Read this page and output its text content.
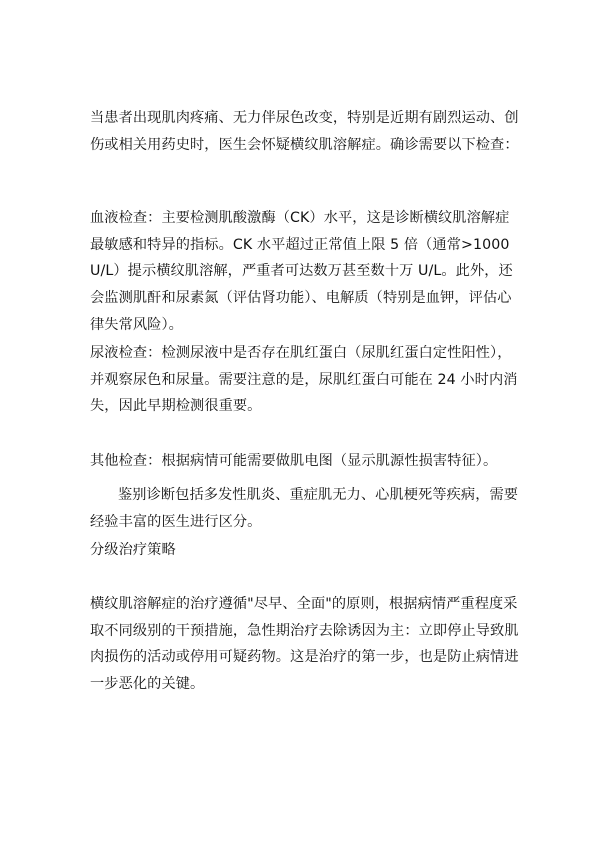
当患者出现肌肉疼痛、无力伴尿色改变，特别是近期有剧烈运动、创伤或相关用药史时，医生会怀疑横纹肌溶解症。确诊需要以下检查：
血液检查：主要检测肌酸激酶（CK）水平，这是诊断横纹肌溶解症最敏感和特异的指标。CK 水平超过正常值上限 5 倍（通常>1000 U/L）提示横纹肌溶解，严重者可达数万甚至数十万 U/L。此外，还会监测肌酐和尿素氮（评估肾功能）、电解质（特别是血钾，评估心律失常风险）。
尿液检查：检测尿液中是否存在肌红蛋白（尿肌红蛋白定性阳性），并观察尿色和尿量。需要注意的是，尿肌红蛋白可能在 24 小时内消失，因此早期检测很重要。
其他检查：根据病情可能需要做肌电图（显示肌源性损害特征）。
鉴别诊断包括多发性肌炎、重症肌无力、心肌梗死等疾病，需要经验丰富的医生进行区分。
分级治疗策略
横纹肌溶解症的治疗遵循"尽早、全面"的原则，根据病情严重程度采取不同级别的干预措施，急性期治疗去除诱因为主：立即停止导致肌肉损伤的活动或停用可疑药物。这是治疗的第一步，也是防止病情进一步恶化的关键。
